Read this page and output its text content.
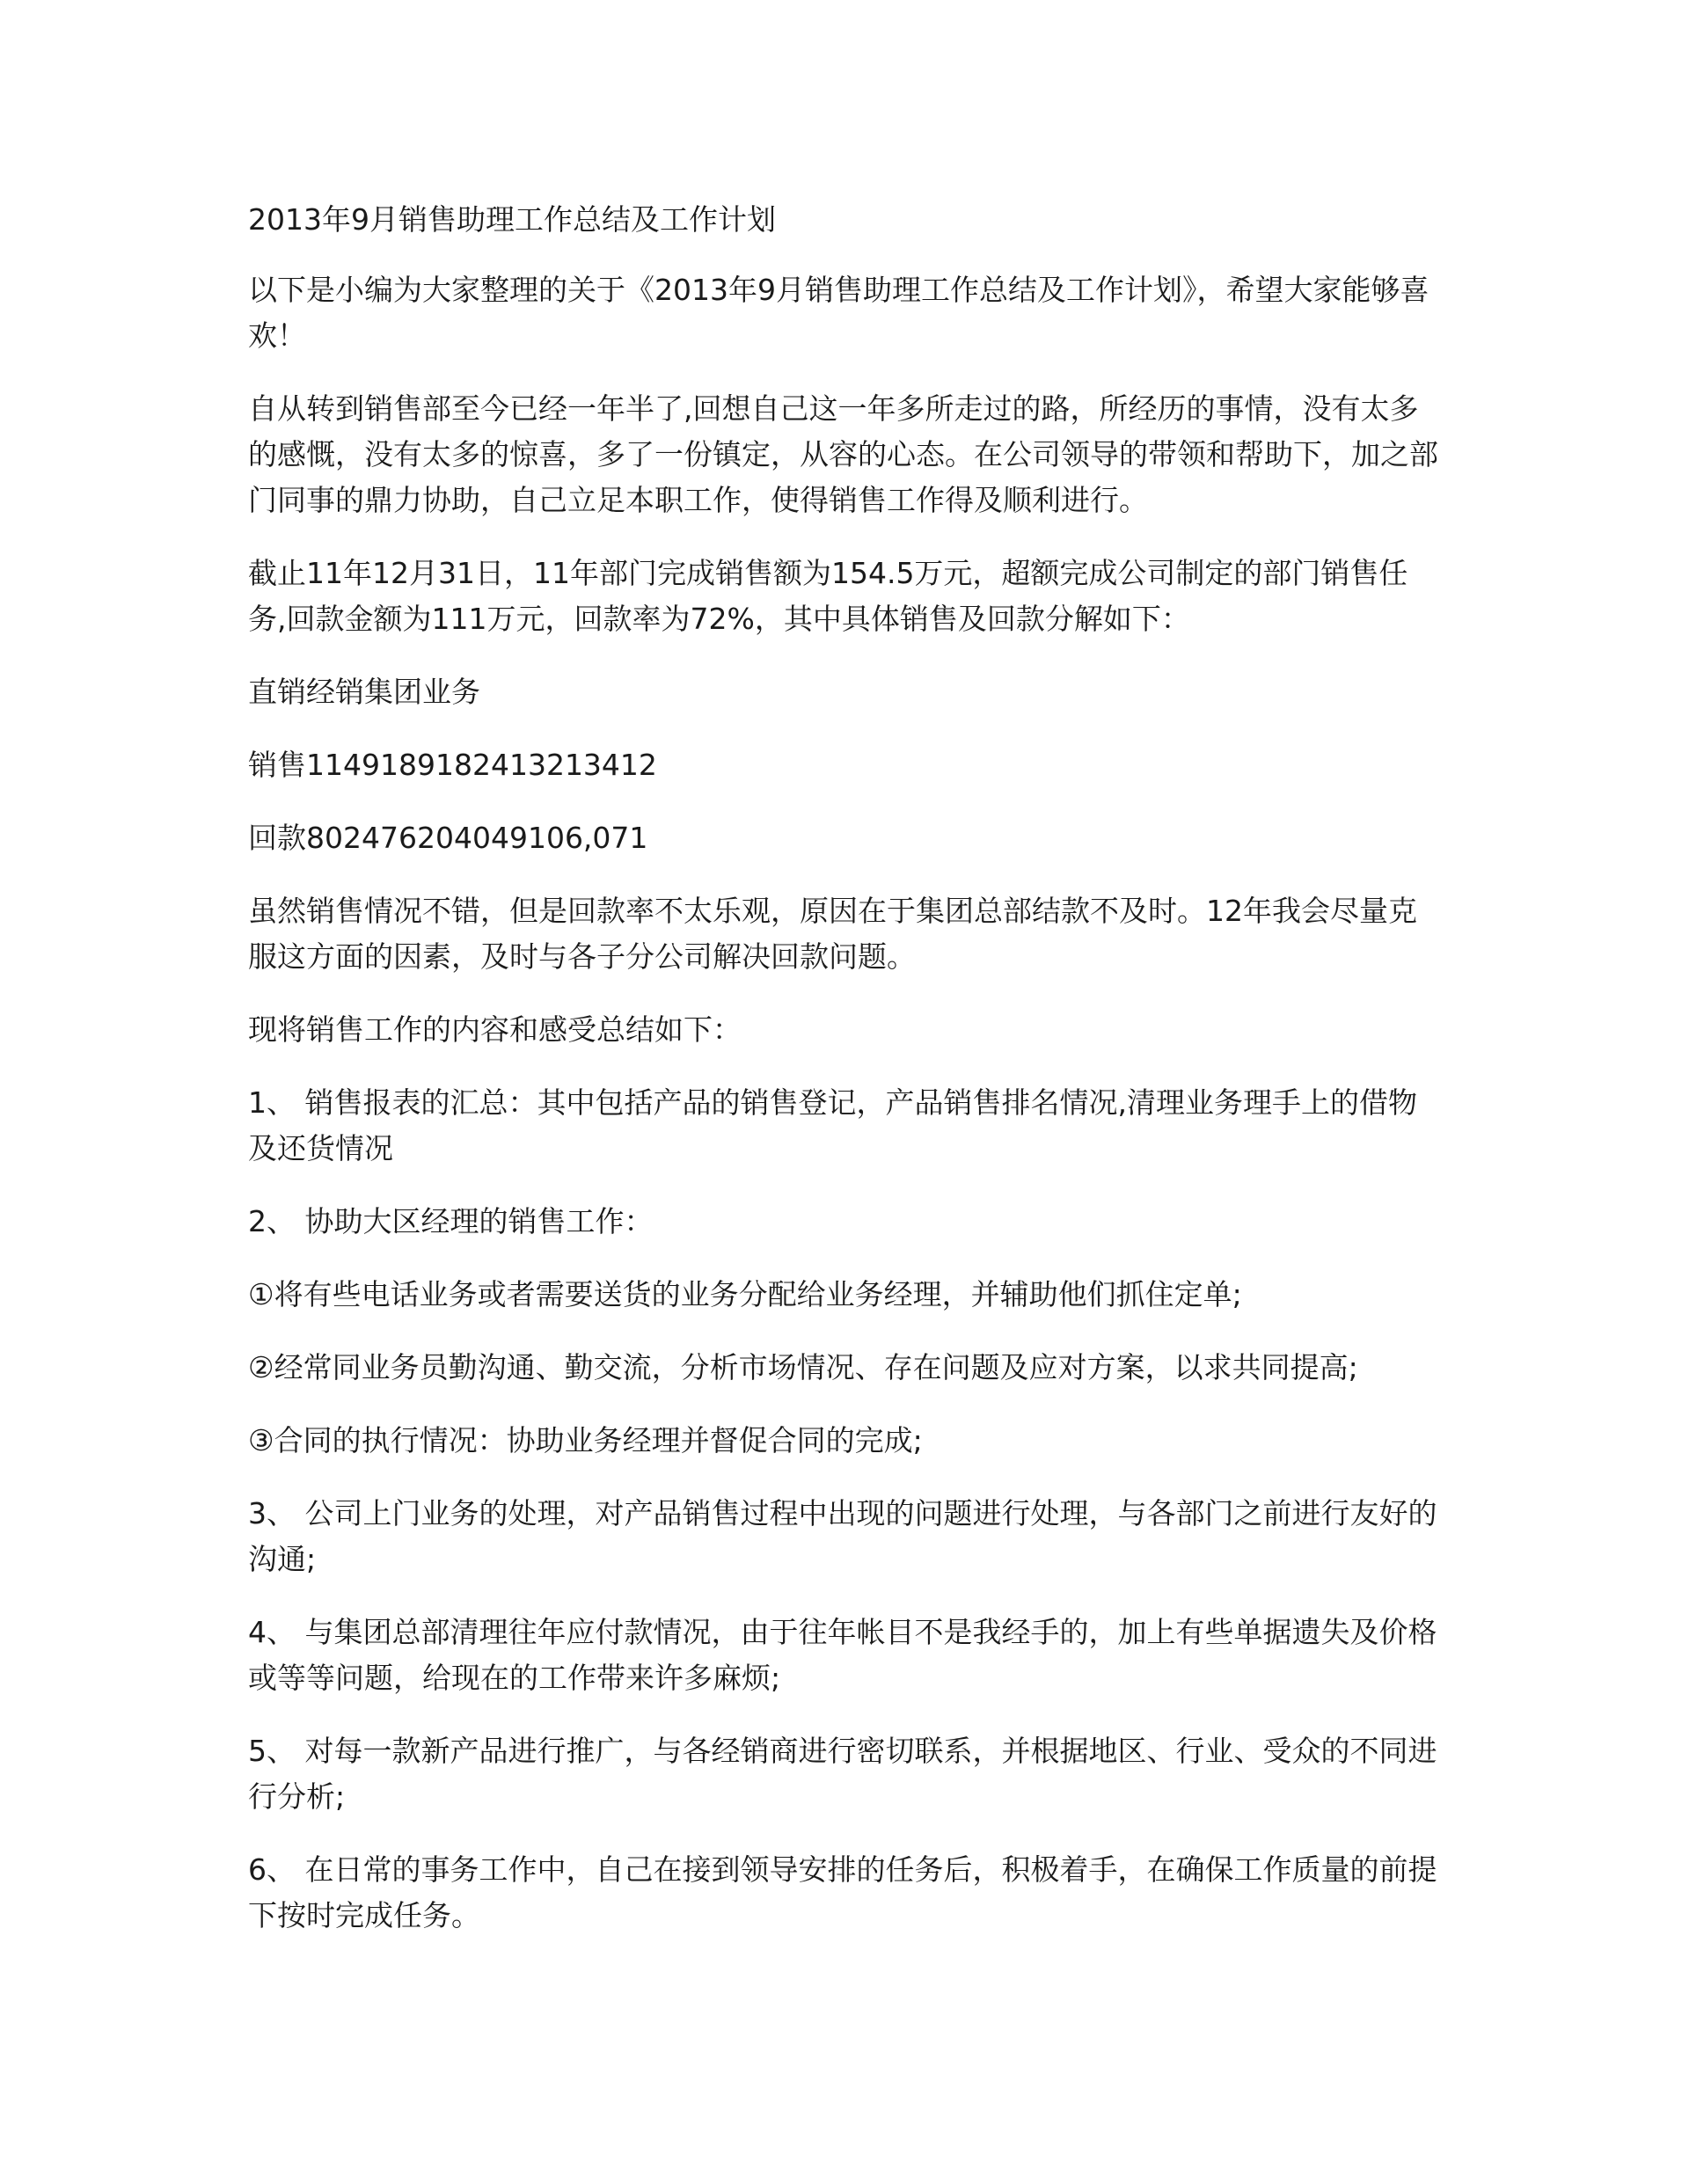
2013年9月销售助理工作总结及工作计划
以下是小编为大家整理的关于《2013年9月销售助理工作总结及工作计划》，希望大家能够喜欢！
自从转到销售部至今已经一年半了,回想自己这一年多所走过的路，所经历的事情，没有太多的感慨，没有太多的惊喜，多了一份镇定，从容的心态。在公司领导的带领和帮助下，加之部门同事的鼎力协助，自己立足本职工作，使得销售工作得及顺利进行。
截止11年12月31日，11年部门完成销售额为154.5万元，超额完成公司制定的部门销售任务,回款金额为111万元，回款率为72%，其中具体销售及回款分解如下：
直销经销集团业务
销售1149189182413213412
回款802476204049106,071
虽然销售情况不错，但是回款率不太乐观，原因在于集团总部结款不及时。12年我会尽量克服这方面的因素，及时与各子分公司解决回款问题。
现将销售工作的内容和感受总结如下：
1、 销售报表的汇总：其中包括产品的销售登记，产品销售排名情况,清理业务理手上的借物及还货情况
2、 协助大区经理的销售工作：
①将有些电话业务或者需要送货的业务分配给业务经理，并辅助他们抓住定单;
②经常同业务员勤沟通、勤交流，分析市场情况、存在问题及应对方案，以求共同提高;
③合同的执行情况：协助业务经理并督促合同的完成;
3、 公司上门业务的处理，对产品销售过程中出现的问题进行处理，与各部门之前进行友好的沟通;
4、 与集团总部清理往年应付款情况，由于往年帐目不是我经手的，加上有些单据遗失及价格或等等问题，给现在的工作带来许多麻烦;
5、 对每一款新产品进行推广，与各经销商进行密切联系，并根据地区、行业、受众的不同进行分析;
6、 在日常的事务工作中，自己在接到领导安排的任务后，积极着手，在确保工作质量的前提下按时完成任务。
